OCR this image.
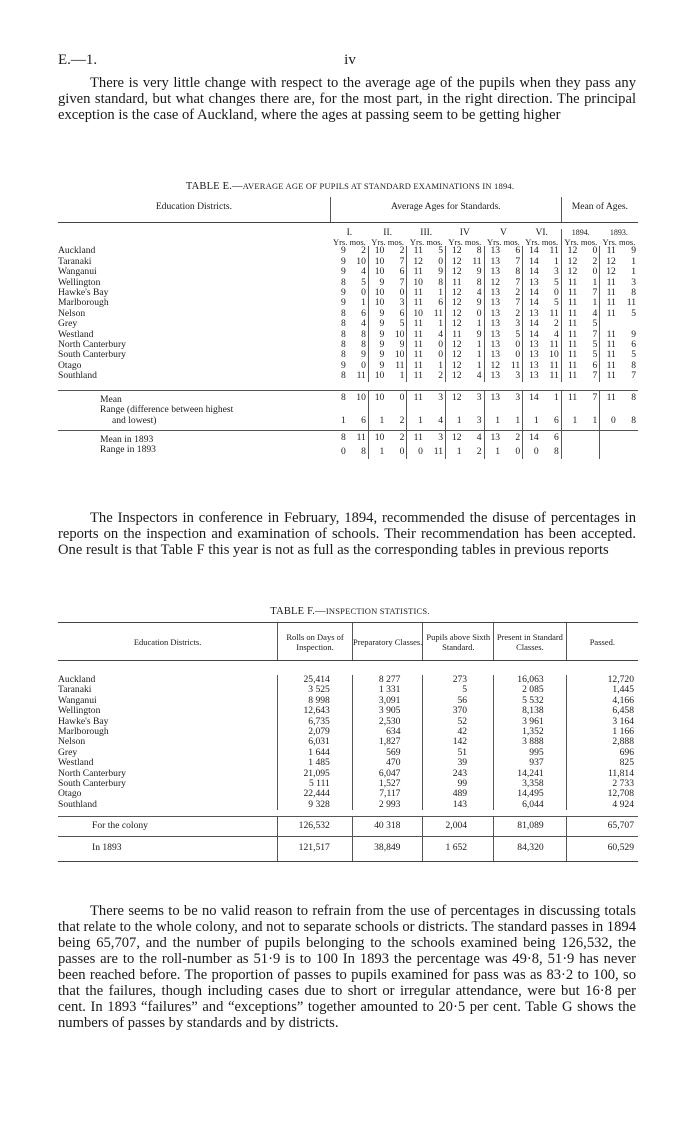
E.—1.	iv

There is very little change with respect to the average age of the pupils when they pass any given standard, but what changes there are, for the most part, in the right direction. The principal exception is the case of Auckland, where the ages at passing seem to be getting higher

TABLE E.—AVERAGE AGE OF PUPILS AT STANDARD EXAMINATIONS IN 1894.
Education Districts.	Average Ages for Standards.												Mean of Ages.			

	I.		II.		III.		IV		V		VI.		1894.		1893.	
	Yrs. mos.		Yrs. mos.		Yrs. mos.		Yrs. mos.		Yrs. mos.		Yrs. mos.		Yrs. mos.		Yrs. mos.	
Auckland	9	2	10	2	11	5	12	8	13	6	14	11	12	0	11	9
Taranaki	9	10	10	7	12	0	12	11	13	7	14	1	12	2	12	1
Wanganui	9	4	10	6	11	9	12	9	13	8	14	3	12	0	12	1
Wellington	8	5	9	7	10	8	11	8	12	7	13	5	11	1	11	3
Hawke's Bay	9	0	10	0	11	1	12	4	13	2	14	0	11	7	11	8
Marlborough	9	1	10	3	11	6	12	9	13	7	14	5	11	1	11	11
Nelson	8	6	9	6	10	11	12	0	13	2	13	11	11	4	11	5
Grey	8	4	9	5	11	1	12	1	13	3	14	2	11	5		
Westland	8	8	9	10	11	4	11	9	13	5	14	4	11	7	11	9
North Canterbury	8	8	9	9	11	0	12	1	13	0	13	11	11	5	11	6
South Canterbury	8	9	9	10	11	0	12	1	13	0	13	10	11	5	11	5
Otago	9	0	9	11	11	1	12	1	12	11	13	11	11	6	11	8
Southland	8	11	10	1	11	2	12	4	13	3	13	11	11	7	11	7

Mean	8	10	10	0	11	3	12	3	13	3	14	1	11	7	11	8

Range (difference between highest
and lowest)	1	6	1	2	1	4	1	3	1	1	1	6	1	1	0	8
Mean in 1893	8	11	10	2	11	3	12	4	13	2	14	6				
Range in 1893	0	8	1	0	0	11	1	2	1	0	0	8				

The Inspectors in conference in February, 1894, recommended the disuse of percentages in reports on the inspection and examination of schools. Their recommendation has been accepted. One result is that Table F this year is not as full as the corresponding tables in previous reports

TABLE F.—INSPECTION STATISTICS.
Education Districts.	Rolls on Days of Inspection.	Preparatory Classes.	Pupils above Sixth Standard.	Present in Standard Classes.	Passed.

Auckland	25,414	8 277	273	16,063	12,720
Taranaki	3 525	1 331	5	2 085	1,445
Wanganui	8 998	3,091	56	5 532	4,166
Wellington	12,643	3 905	370	8,138	6,458
Hawke's Bay	6,735	2,530	52	3 961	3 164
Marlborough	2,079	634	42	1,352	1 166
Nelson	6,031	1,827	142	3 888	2,888
Grey	1 644	569	51	995	696
Westland	1 485	470	39	937	825
North Canterbury	21,095	6,047	243	14,241	11,814
South Canterbury	5 111	1,527	99	3,358	2 733
Otago	22,444	7,117	489	14,495	12,708
Southland	9 328	2 993	143	6,044	4 924

For the colony	126,532	40 318	2,004	81,089	65,707
In 1893	121,517	38,849	1 652	84,320	60,529

There seems to be no valid reason to refrain from the use of percentages in discussing totals that relate to the whole colony, and not to separate schools or districts. The standard passes in 1894 being 65,707, and the number of pupils belonging to the schools examined being 126,532, the passes are to the roll-number as 51·9 is to 100 In 1893 the percentage was 49·8, 51·9 has never been reached before. The proportion of passes to pupils examined for pass was as 83·2 to 100, so that the failures, though including cases due to short or irregular attendance, were but 16·8 per cent. In 1893 “failures” and “exceptions” together amounted to 20·5 per cent. Table G shows the numbers of passes by standards and by districts.
